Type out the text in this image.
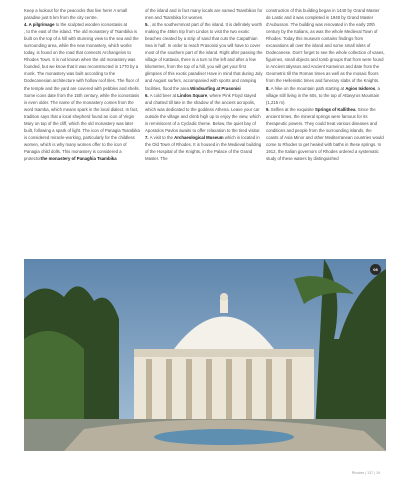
Keep a lookout for the peacocks that live here! A small paradise just 5 km from the city centre.
4. A pilgrimage to the sculpted wooden iconostasis at
, to the east of the island. The old monastery of Tsambika is built on the top of a hill with stunning view to the sea and the surrounding area, while the new monastery, which works today, is found on the road that connects Archangelos to Rhodes Town. It is not known when the old monastery was founded, but we know that it was reconstructed in 1770 by a monk. The monastery was built according to the Dodecanesian architecture with hollow roof tiles. The floor of the temple and the yard are covered with pebbles and shells. Some icons date from the 15th century, while the iconostasis is even older. The name of the monastery comes from the word tsamba, which means spark in the local dialect. In fact, tradition says that a local shepherd found an icon of Virgin Mary on top of the cliff, which the old monastery was later built, following a spark of light. The icon of Panagia Tsambika is considered miracle-working, particularly for the childless women, which is why many women offer to the icon of Panagia child dolls. This monastery is considered a protectorthe monastery of Panaghia Tsambika
of the island and in fact many locals are named Tsambikos for men and Tsambika for women.
5. , at the southernmost part of the island. It is definitely worth making the 45km trip from Lindos to visit the two exotic beaches created by a strip of sand that cuts the Carpathian Sea in half. In order to reach Prasonisi you will have to cover most of the southern part of the island. Right after passing the village of Kattavia, there is a turn to the left and after a few kilometres, from the top of a hill, you will get your first glimpses of this exotic paradise! Have in mind that during July and August surfers, accompanied with sports and camping facilities, flood the area.Windsurfing at Prasonisi
6. A cold beer at Lindos Square, where Pink Floyd stayed and chatted till late in the shadow of the ancient acropolis, which was dedicated to the goddess Athena. Leave your car outside the village and climb high up to enjoy the view, which is reminiscent of a Cycladic theme. Below, the quiet bay of Apostolos Pavlos awaits to offer relaxation to the tired visitor.
7. A visit to the Archaeological Museum which is located in the Old Town of Rhodes. It is housed in the Medieval building of the Hospital of the Knights, in the Palace of the Grand Master. The
construction of this building began in 1440 by Grand Master de Lastic and it was completed in 1948 by Grand Master d'Aubusson. The building was renovated in the early 20th century by the Italians, as was the whole Medieval Town of Rhodes. Today this museum contains findings from excavations all over the island and some small islets of Dodecanese. Don't forget to see the whole collection of vases, figurines, small objects and tomb groups that from were found in Ancient Ialyssos and Ancient Kameiros and date from the Geometric till the Roman times as well as the mosaic floors from the Hellenistic times and funerary slabs of the Knights.
8. A hike on the mountain path starting at Agios Isidoros, a village still living in the 60s, to the top of Attavyros Mountain (1,215 m).
9. Selfies at the exquisite Springs of Kallithea. Since the ancient times, the mineral springs were famous for its therapeutic powers. They could treat various diseases and conditions and people from the surrounding islands, the coasts of Asia Minor and other Mediterranean countries would come to Rhodes to get healed with baths in these springs. In 1912, the Italian governors of Rhodes ordered a systematic study of these waters by distinguished
08
Rhodes | 137 | 19
